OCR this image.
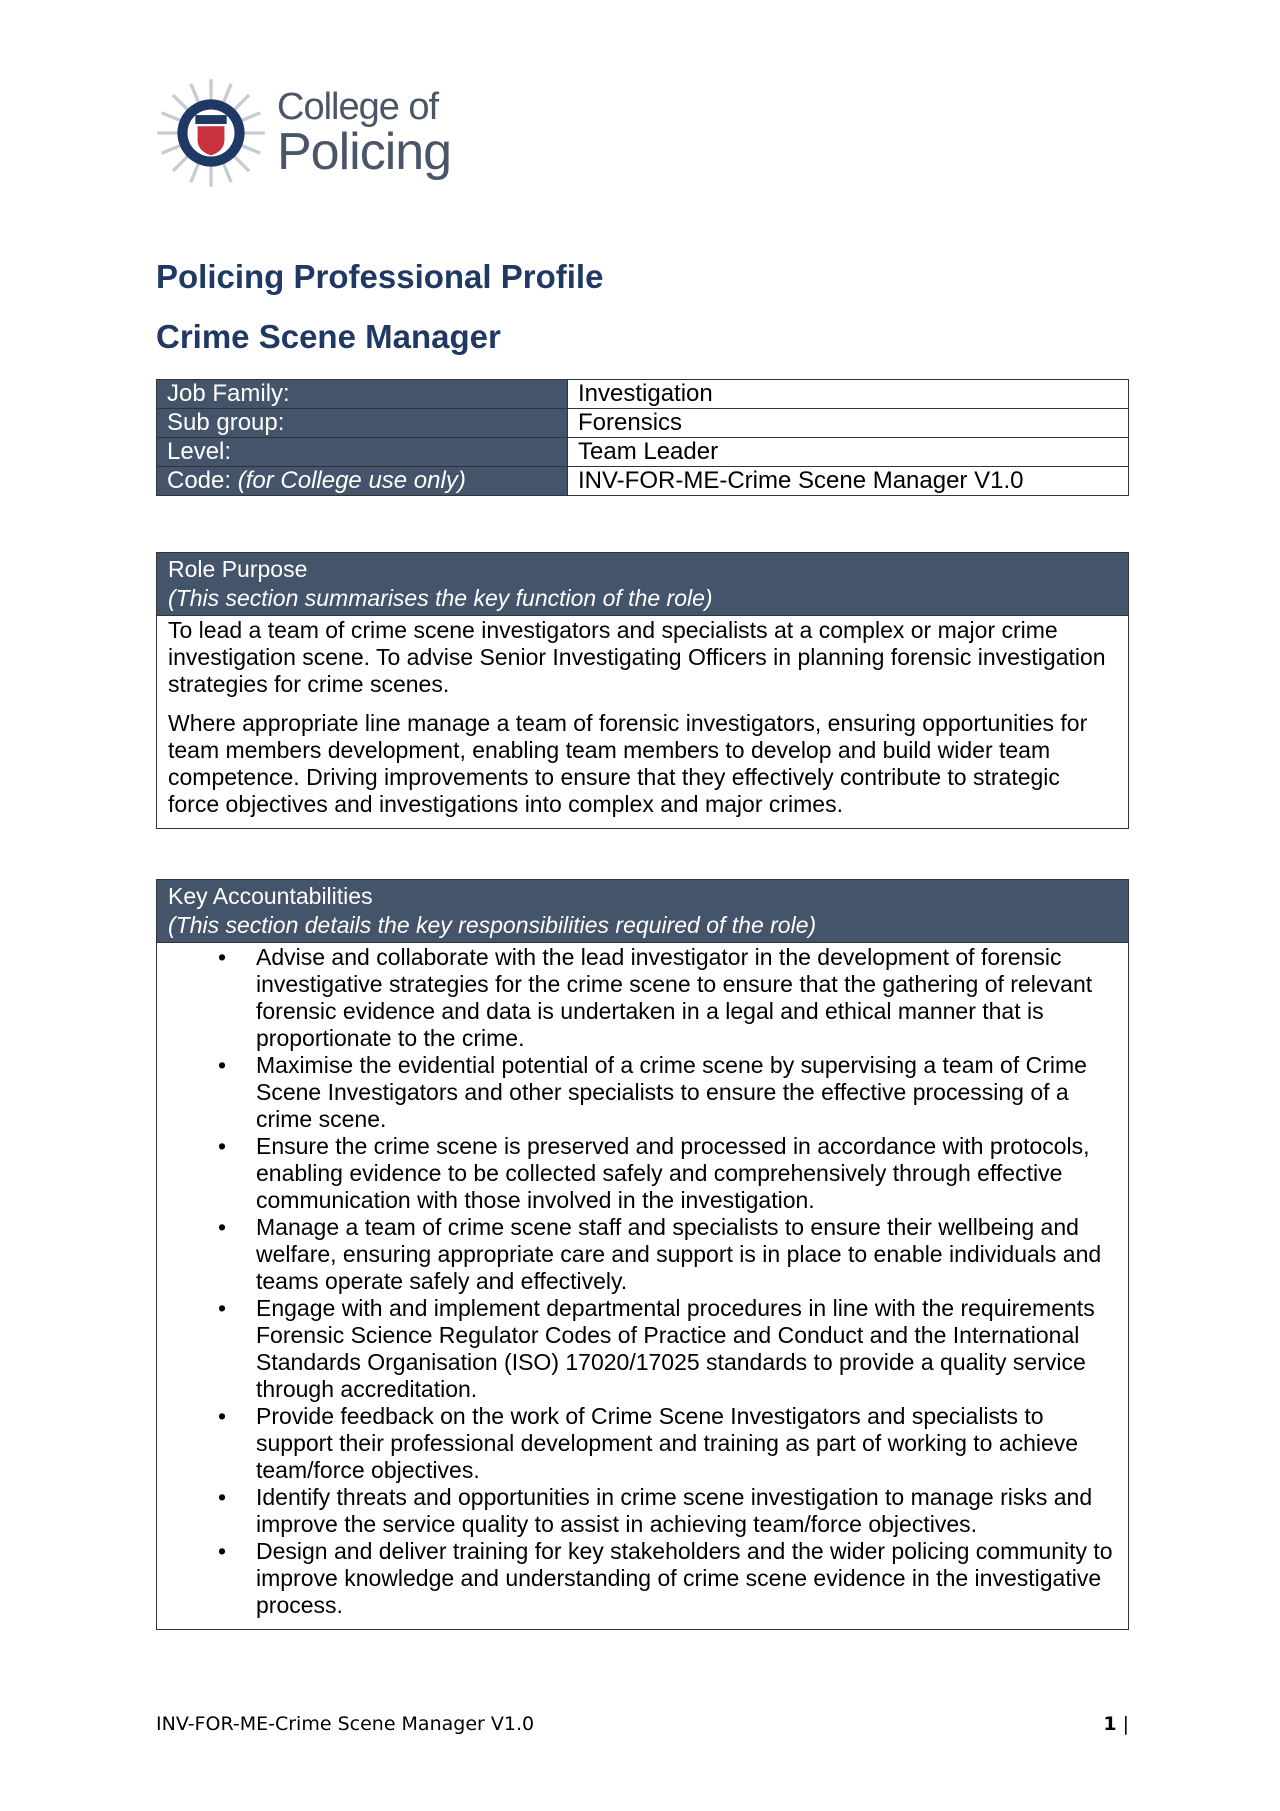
College of
Policing
Policing Professional Profile
Crime Scene Manager
Job Family:	Investigation
Sub group:	Forensics
Level:	Team Leader
Code: (for College use only)	INV-FOR-ME-Crime Scene Manager V1.0
Role Purpose
(This section summarises the key function of the role)

To lead a team of crime scene investigators and specialists at a complex or major crime investigation scene. To advise Senior Investigating Officers in planning forensic investigation strategies for crime scenes.

Where appropriate line manage a team of forensic investigators, ensuring opportunities for team members development, enabling team members to develop and build wider team competence. Driving improvements to ensure that they effectively contribute to strategic force objectives and investigations into complex and major crimes.

Key Accountabilities
(This section details the key responsibilities required of the role)
• Advise and collaborate with the lead investigator in the development of forensic investigative strategies for the crime scene to ensure that the gathering of relevant forensic evidence and data is undertaken in a legal and ethical manner that is proportionate to the crime.
• Maximise the evidential potential of a crime scene by supervising a team of Crime Scene Investigators and other specialists to ensure the effective processing of a crime scene.
• Ensure the crime scene is preserved and processed in accordance with protocols, enabling evidence to be collected safely and comprehensively through effective communication with those involved in the investigation.
• Manage a team of crime scene staff and specialists to ensure their wellbeing and welfare, ensuring appropriate care and support is in place to enable individuals and teams operate safely and effectively.
• Engage with and implement departmental procedures in line with the requirements Forensic Science Regulator Codes of Practice and Conduct and the International Standards Organisation (ISO) 17020/17025 standards to provide a quality service through accreditation.
• Provide feedback on the work of Crime Scene Investigators and specialists to support their professional development and training as part of working to achieve team/force objectives.
• Identify threats and opportunities in crime scene investigation to manage risks and improve the service quality to assist in achieving team/force objectives.
• Design and deliver training for key stakeholders and the wider policing community to improve knowledge and understanding of crime scene evidence in the investigative process.
INV-FOR-ME-Crime Scene Manager V1.0	1 |
